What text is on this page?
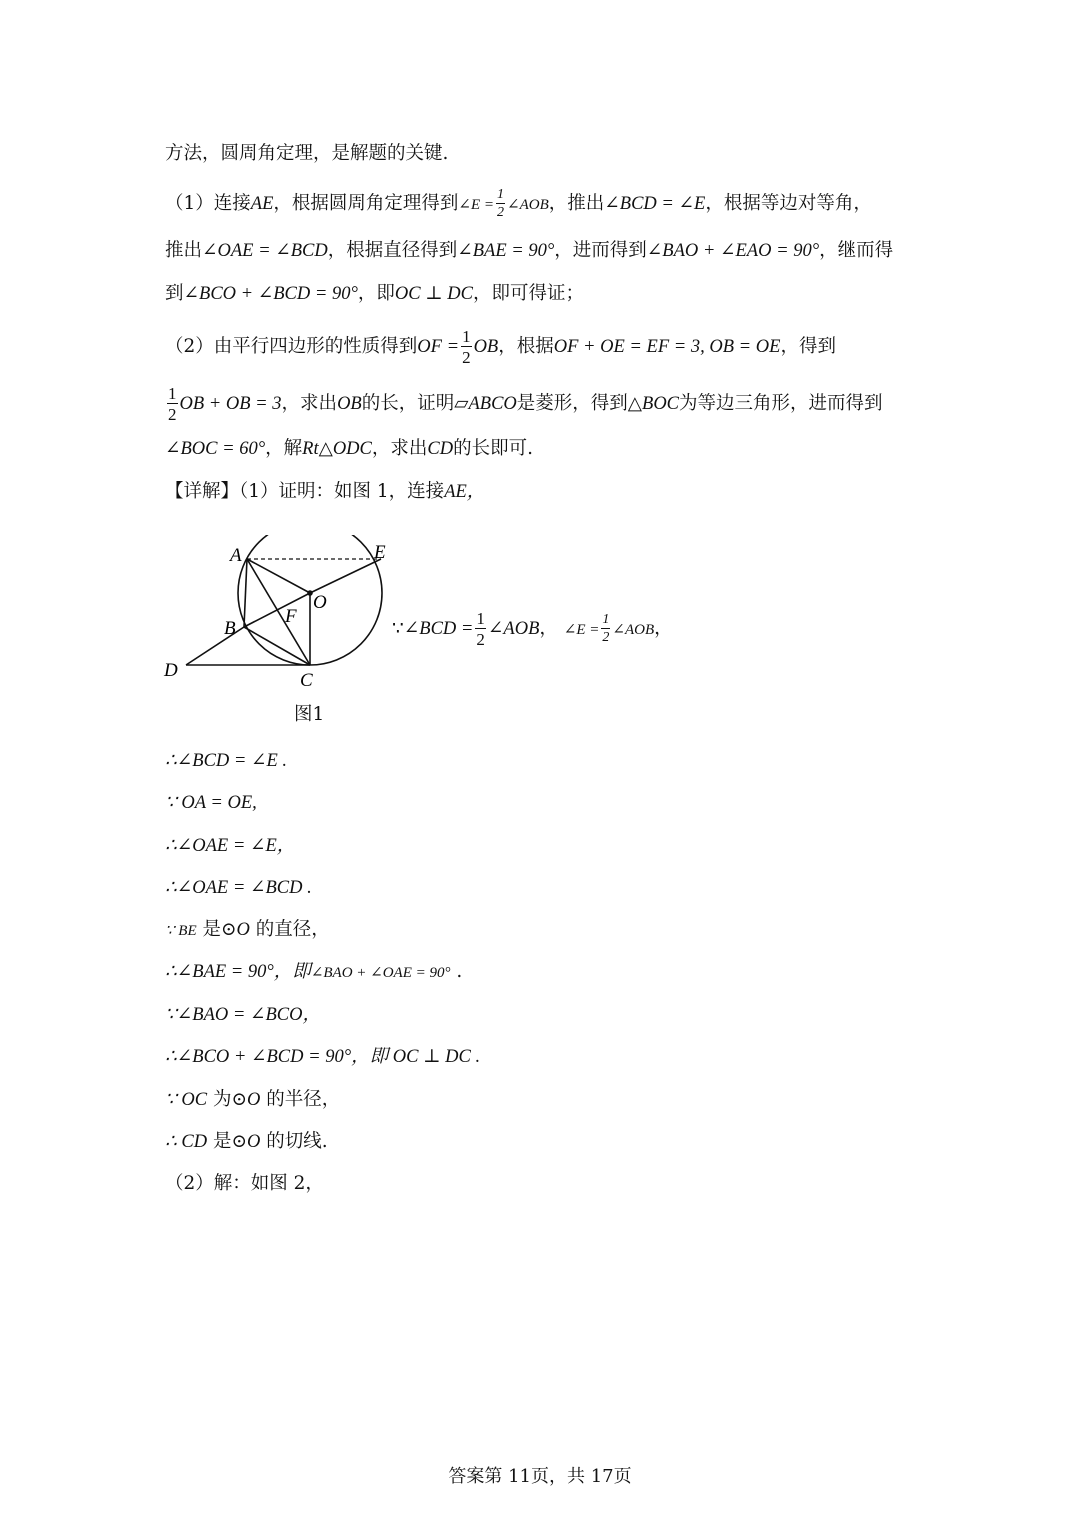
方法，圆周角定理，是解题的关键.
（1）连接AE，根据圆周角定理得到∠E = $\frac{1}{2}$ ∠AOB，推出∠BCD = ∠E，根据等边对等角，
推出∠OAE = ∠BCD，根据直径得到∠BAE = 90°，进而得到∠BAO + ∠EAO = 90°，继而得
到∠BCO + ∠BCD = 90°，即OC ⊥ DC，即可得证；
（2）由平行四边形的性质得到OF = $\frac{1}{2}$ OB，根据OF + OE = EF = 3, OB = OE，得到
$\frac{1}{2}$ OB + OB = 3，求出OB的长，证明▱ABCO是菱形，得到△BOC为等边三角形，进而得到
∠BOC = 60°，解Rt△ODC，求出CD的长即可.
【详解】（1）证明：如图 1，连接AE，
A	E
O
B
F
D	C
图1
∵∠BCD = $\frac{1}{2}$ ∠AOB， ∠E = $\frac{1}{2}$ ∠AOB，
∴∠BCD = ∠E .
∵ OA = OE,
∴∠OAE = ∠E，
∴∠OAE = ∠BCD .
∵ BE 是⊙O 的直径，
∴∠BAE = 90°，即∠BAO + ∠OAE = 90° .
∵∠BAO = ∠BCO，
∴∠BCO + ∠BCD = 90°，即 OC ⊥ DC .
∵ OC 为⊙O 的半径，
∴ CD 是⊙O 的切线.
（2）解：如图 2，
答案第 11页，共 17页
